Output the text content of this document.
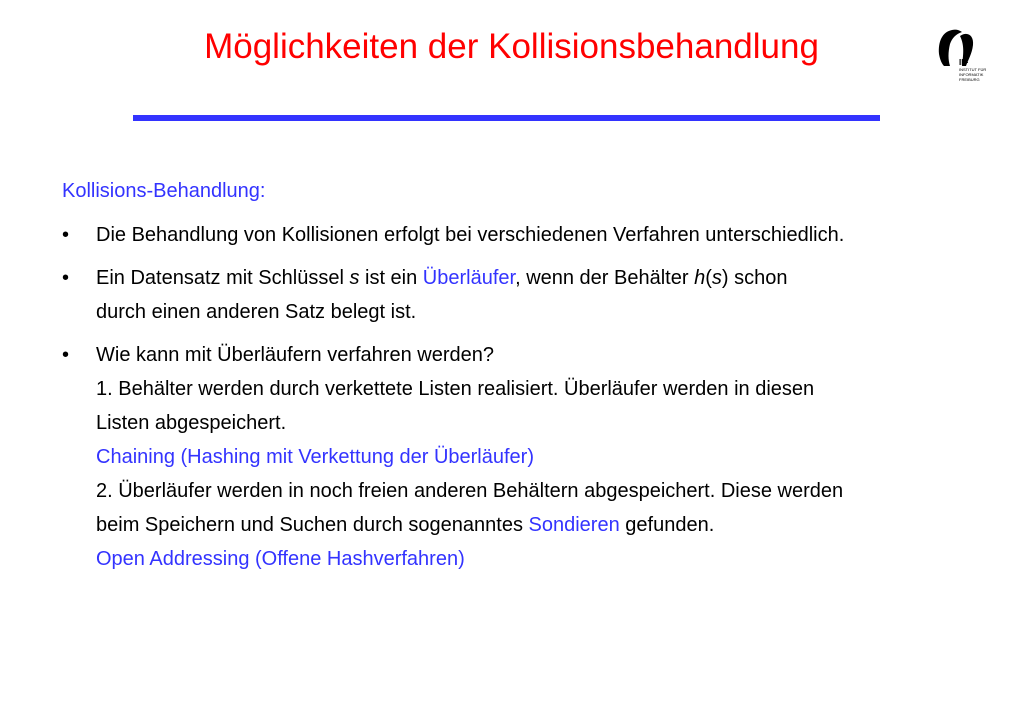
Möglichkeiten der Kollisionsbehandlung	IIF
INSTITUT FÜR
INFORMATIK
FREIBURG
Kollisions-Behandlung:
• Die Behandlung von Kollisionen erfolgt bei verschiedenen Verfahren unterschiedlich.
• Ein Datensatz mit Schlüssel s ist ein Überläufer, wenn der Behälter h(s) schon
durch einen anderen Satz belegt ist.
• Wie kann mit Überläufern verfahren werden?
1. Behälter werden durch verkettete Listen realisiert. Überläufer werden in diesen
Listen abgespeichert.
Chaining (Hashing mit Verkettung der Überläufer)
2. Überläufer werden in noch freien anderen Behältern abgespeichert. Diese werden
beim Speichern und Suchen durch sogenanntes Sondieren gefunden.
Open Addressing (Offene Hashverfahren)
